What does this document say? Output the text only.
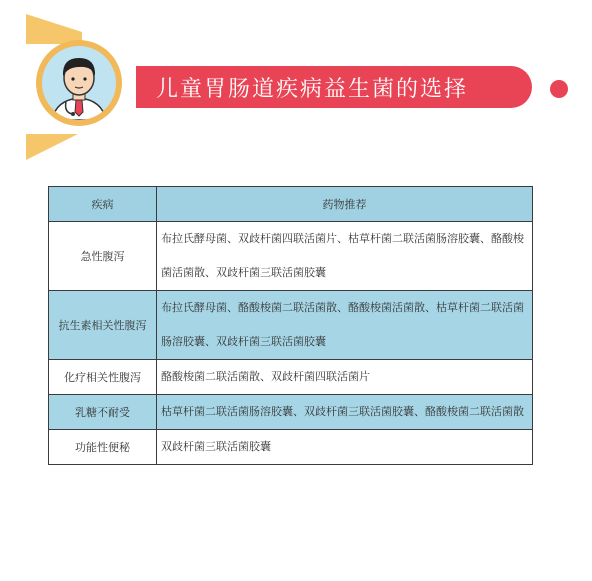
儿童胃肠道疾病益生菌的选择
疾病	药物推荐
急性腹泻	布拉氏酵母菌、双歧杆菌四联活菌片、枯草杆菌二联活菌肠溶胶囊、酪酸梭菌活菌散、双歧杆菌三联活菌胶囊
抗生素相关性腹泻	布拉氏酵母菌、酪酸梭菌二联活菌散、酪酸梭菌活菌散、枯草杆菌二联活菌肠溶胶囊、双歧杆菌三联活菌胶囊
化疗相关性腹泻	酪酸梭菌二联活菌散、双歧杆菌四联活菌片
乳糖不耐受	枯草杆菌二联活菌肠溶胶囊、双歧杆菌三联活菌胶囊、酪酸梭菌二联活菌散
功能性便秘	双歧杆菌三联活菌胶囊
